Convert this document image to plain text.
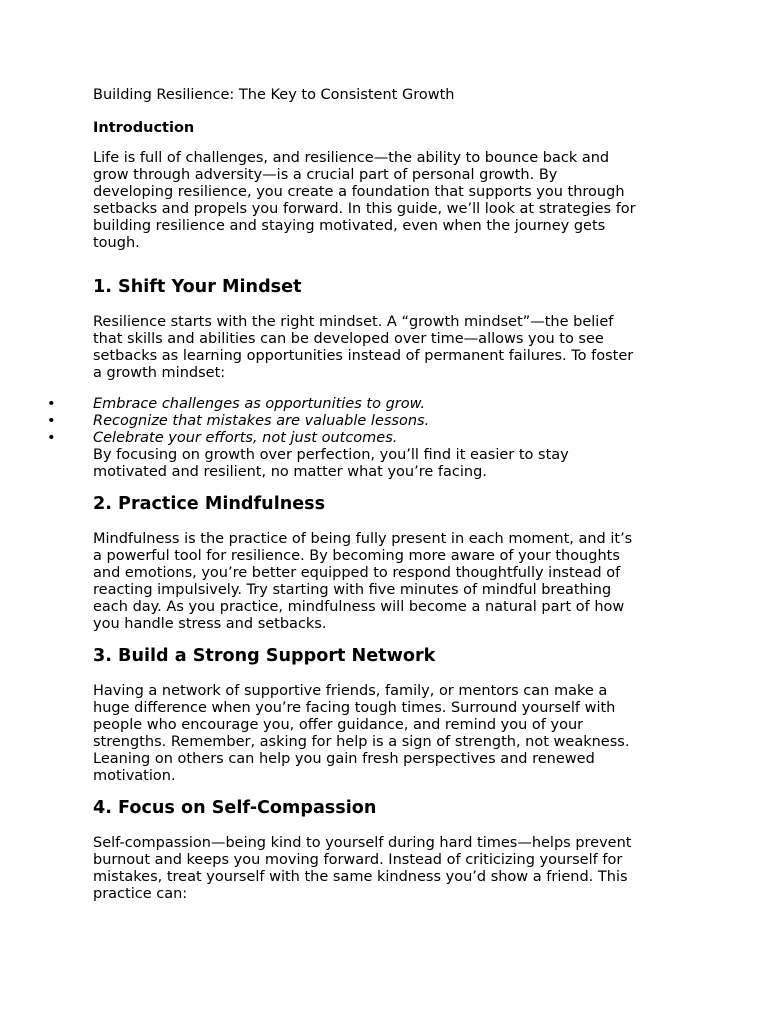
Building Resilience: The Key to Consistent Growth
Introduction

Life is full of challenges, and resilience—the ability to bounce back and
grow through adversity—is a crucial part of personal growth. By
developing resilience, you create a foundation that supports you through
setbacks and propels you forward. In this guide, we’ll look at strategies for
building resilience and staying motivated, even when the journey gets
tough.

1. Shift Your Mindset

Resilience starts with the right mindset. A “growth mindset”—the belief
that skills and abilities can be developed over time—allows you to see
setbacks as learning opportunities instead of permanent failures. To foster
a growth mindset:

•	Embrace challenges as opportunities to grow.
•	Recognize that mistakes are valuable lessons.
•	Celebrate your efforts, not just outcomes.

By focusing on growth over perfection, you’ll find it easier to stay
motivated and resilient, no matter what you’re facing.

2. Practice Mindfulness

Mindfulness is the practice of being fully present in each moment, and it’s
a powerful tool for resilience. By becoming more aware of your thoughts
and emotions, you’re better equipped to respond thoughtfully instead of
reacting impulsively. Try starting with five minutes of mindful breathing
each day. As you practice, mindfulness will become a natural part of how
you handle stress and setbacks.

3. Build a Strong Support Network

Having a network of supportive friends, family, or mentors can make a
huge difference when you’re facing tough times. Surround yourself with
people who encourage you, offer guidance, and remind you of your
strengths. Remember, asking for help is a sign of strength, not weakness.
Leaning on others can help you gain fresh perspectives and renewed
motivation.

4. Focus on Self-Compassion

Self-compassion—being kind to yourself during hard times—helps prevent
burnout and keeps you moving forward. Instead of criticizing yourself for
mistakes, treat yourself with the same kindness you’d show a friend. This
practice can:
